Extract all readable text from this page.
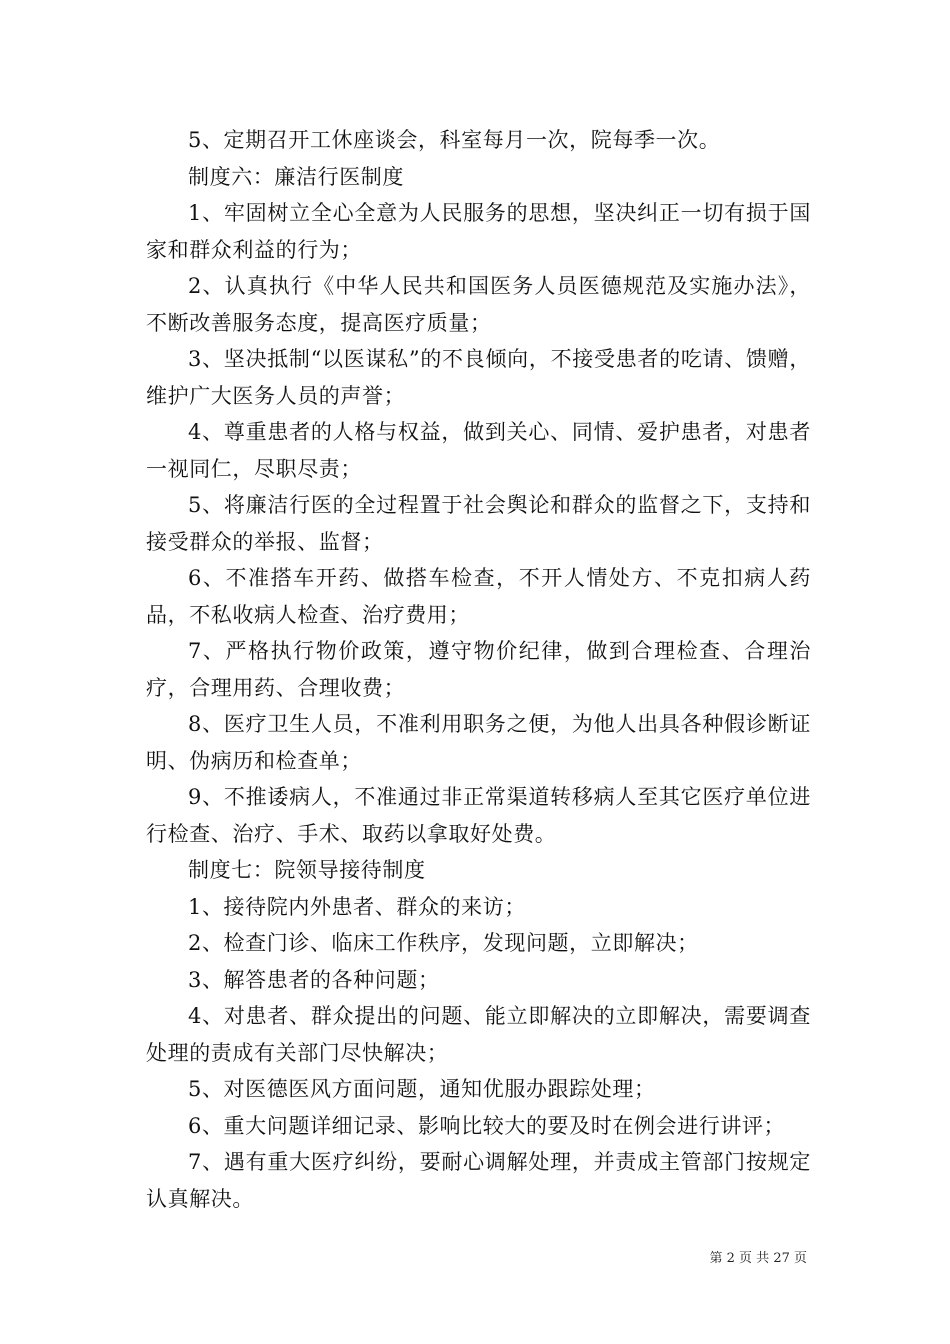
5、定期召开工休座谈会，科室每月一次，院每季一次。

制度六：廉洁行医制度

1、牢固树立全心全意为人民服务的思想，坚决纠正一切有损于国家和群众利益的行为；

2、认真执行《中华人民共和国医务人员医德规范及实施办法》，不断改善服务态度，提高医疗质量；

3、坚决抵制“以医谋私”的不良倾向，不接受患者的吃请、馈赠，维护广大医务人员的声誉；

4、尊重患者的人格与权益，做到关心、同情、爱护患者，对患者一视同仁，尽职尽责；

5、将廉洁行医的全过程置于社会舆论和群众的监督之下，支持和接受群众的举报、监督；

6、不准搭车开药、做搭车检查，不开人情处方、不克扣病人药品，不私收病人检查、治疗费用；

7、严格执行物价政策，遵守物价纪律，做到合理检查、合理治疗，合理用药、合理收费；

8、医疗卫生人员，不准利用职务之便，为他人出具各种假诊断证明、伪病历和检查单；

9、不推诿病人，不准通过非正常渠道转移病人至其它医疗单位进行检查、治疗、手术、取药以拿取好处费。

制度七：院领导接待制度

1、接待院内外患者、群众的来访；

2、检查门诊、临床工作秩序，发现问题，立即解决；

3、解答患者的各种问题；

4、对患者、群众提出的问题、能立即解决的立即解决，需要调查处理的责成有关部门尽快解决；

5、对医德医风方面问题，通知优服办跟踪处理；

6、重大问题详细记录、影响比较大的要及时在例会进行讲评；

7、遇有重大医疗纠纷，要耐心调解处理，并责成主管部门按规定认真解决。

第 2 页 共 27 页
